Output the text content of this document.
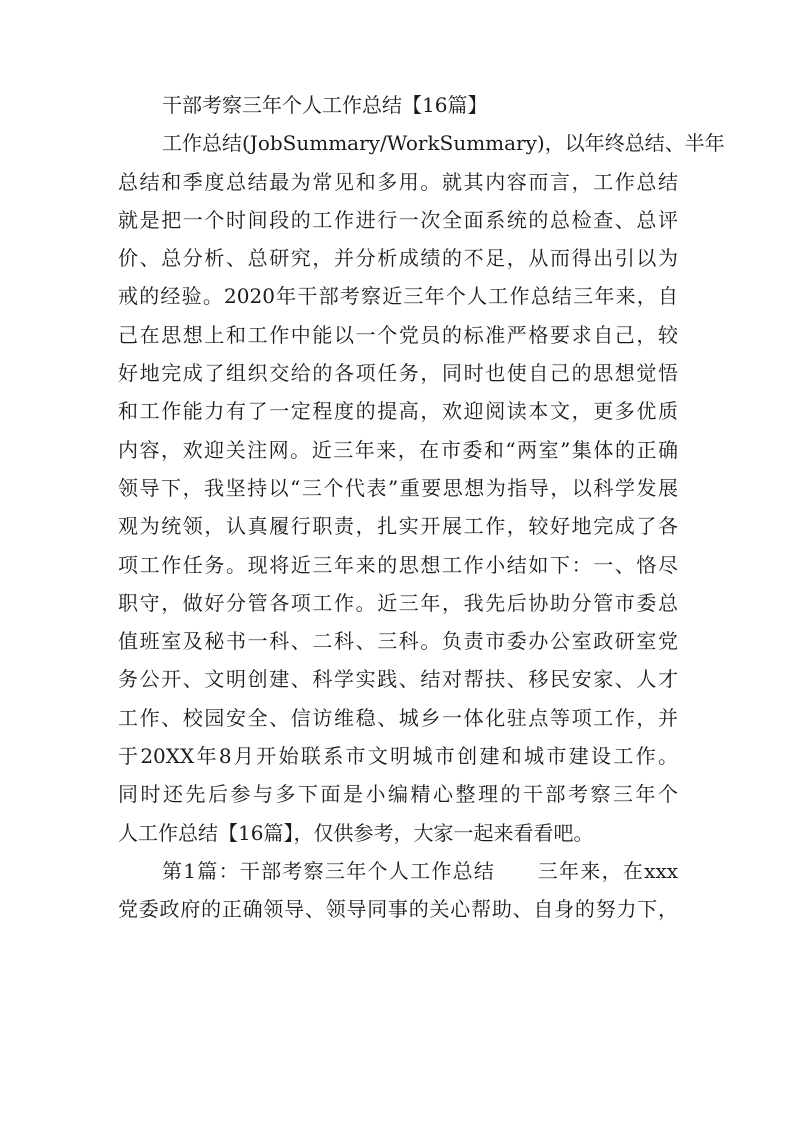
干部考察三年个人工作总结【16篇】
工作总结(JobSummary/WorkSummary)，以年终总结、半年
总结和季度总结最为常见和多用。就其内容而言，工作总结
就是把一个时间段的工作进行一次全面系统的总检查、总评
价、总分析、总研究，并分析成绩的不足，从而得出引以为
戒的经验。2020年干部考察近三年个人工作总结三年来，自
己在思想上和工作中能以一个党员的标准严格要求自己，较
好地完成了组织交给的各项任务，同时也使自己的思想觉悟
和工作能力有了一定程度的提高，欢迎阅读本文，更多优质
内容，欢迎关注网。近三年来，在市委和“两室”集体的正确
领导下，我坚持以“三个代表”重要思想为指导，以科学发展
观为统领，认真履行职责，扎实开展工作，较好地完成了各
项工作任务。现将近三年来的思想工作小结如下：一、恪尽
职守，做好分管各项工作。近三年，我先后协助分管市委总
值班室及秘书一科、二科、三科。负责市委办公室政研室党
务公开、文明创建、科学实践、结对帮扶、移民安家、人才
工作、校园安全、信访维稳、城乡一体化驻点等项工作，并
于20XX年8月开始联系市文明城市创建和城市建设工作。
同时还先后参与多下面是小编精心整理的干部考察三年个
人工作总结【16篇】，仅供参考，大家一起来看看吧。
第1篇：干部考察三年个人工作总结　　三年来，在xxx
党委政府的正确领导、领导同事的关心帮助、自身的努力下，
